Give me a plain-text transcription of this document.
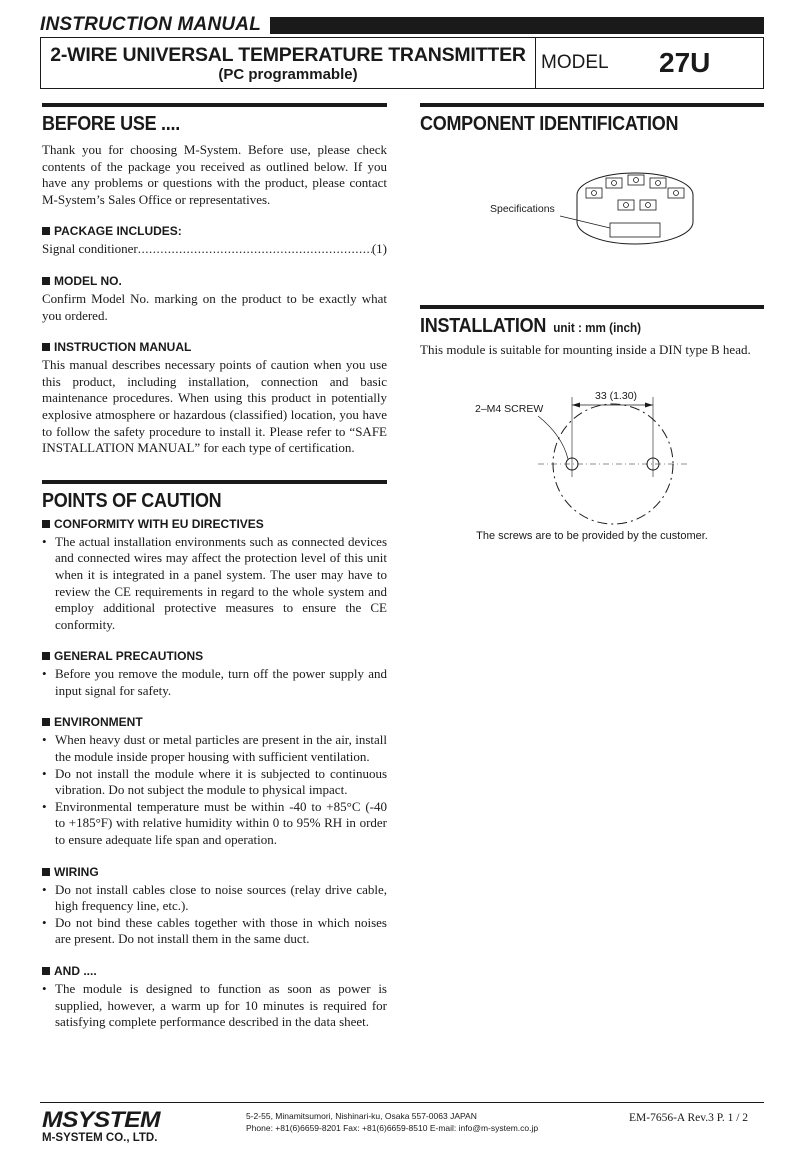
INSTRUCTION MANUAL
2-WIRE UNIVERSAL TEMPERATURE TRANSMITTER
(PC programmable)
MODEL 27U
BEFORE USE ....
Thank you for choosing M-System. Before use, please check contents of the package you received as outlined below. If you have any problems or questions with the product, please contact M-System’s Sales Office or representatives.
PACKAGE INCLUDES:
Signal conditioner
.....	(1)
MODEL NO.
Confirm Model No. marking on the product to be exactly what you ordered.
INSTRUCTION MANUAL
This manual describes necessary points of caution when you use this product, including installation, connection and basic maintenance procedures. When using this product in potentially explosive atmosphere or hazardous (classified) location, you have to follow the safety procedure to install it. Please refer to “SAFE INSTALLATION MANUAL” for each type of certification.
POINTS OF CAUTION
CONFORMITY WITH EU DIRECTIVES
• The actual installation environments such as connected devices and connected wires may affect the protection level of this unit when it is integrated in a panel system. The user may have to review the CE requirements in regard to the whole system and employ additional protective measures to ensure the CE conformity.
GENERAL PRECAUTIONS
• Before you remove the module, turn off the power supply and input signal for safety.
ENVIRONMENT
• When heavy dust or metal particles are present in the air, install the module inside proper housing with sufficient ventilation.
• Do not install the module where it is subjected to continuous vibration. Do not subject the module to physical impact.
• Environmental temperature must be within -40 to +85°C (-40 to +185°F) with relative humidity within 0 to 95% RH in order to ensure adequate life span and operation.
WIRING
• Do not install cables close to noise sources (relay drive cable, high frequency line, etc.).
• Do not bind these cables together with those in which noises are present. Do not install them in the same duct.
AND ....
• The module is designed to function as soon as power is supplied, however, a warm up for 10 minutes is required for satisfying complete performance described in the data sheet.
COMPONENT IDENTIFICATION
Specifications
INSTALLATION unit : mm (inch)
This module is suitable for mounting inside a DIN type B head.
33 (1.30)
2–M4 SCREW
The screws are to be provided by the customer.
MSYSTEM
M-SYSTEM CO., LTD.
5-2-55, Minamitsumori, Nishinari-ku, Osaka 557-0063 JAPAN
Phone: +81(6)6659-8201 Fax: +81(6)6659-8510 E-mail: info@m-system.co.jp
EM-7656-A Rev.3 P. 1 / 2
